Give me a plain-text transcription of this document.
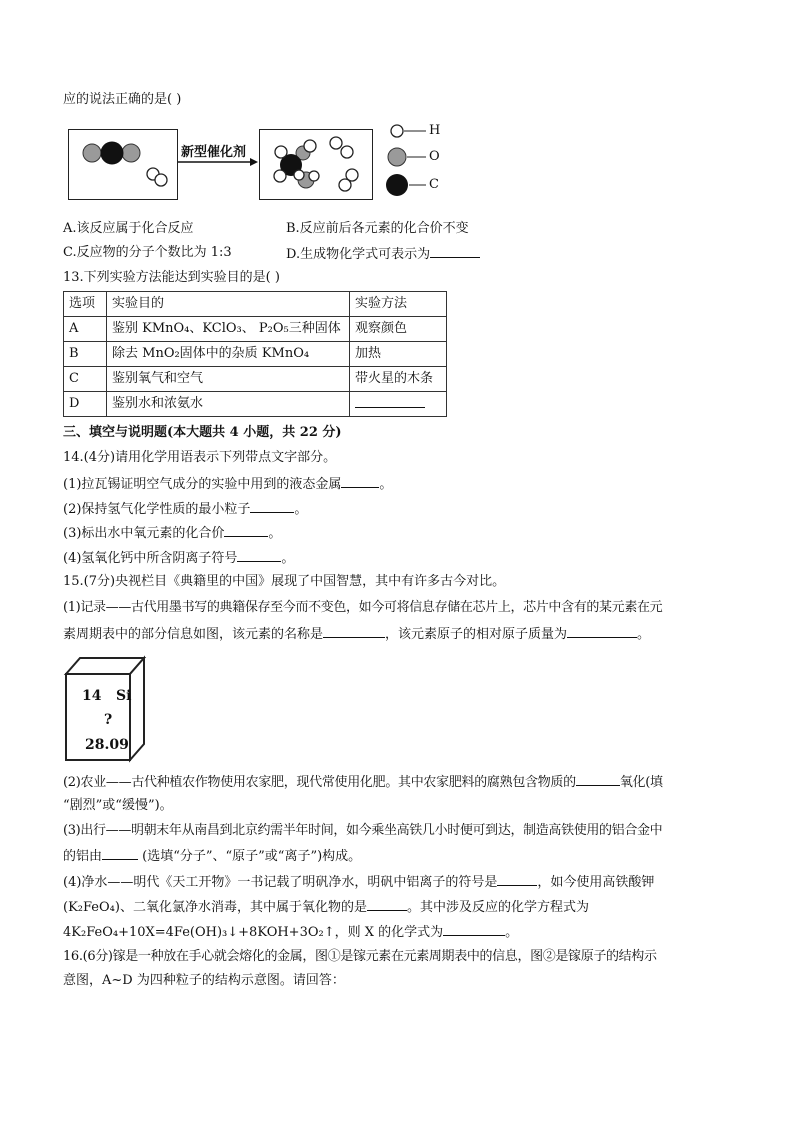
应的说法正确的是( )
新型催化剂
H
O
C
A.该反应属于化合反应	B.反应前后各元素的化合价不变
C.反应物的分子个数比为 1:3	D.生成物化学式可表示为
13.下列实验方法能达到实验目的是( )
选项	实验目的	实验方法
A	鉴别 KMnO₄、KClO₃、 P₂O₅三种固体	观察颜色
B	除去 MnO₂固体中的杂质 KMnO₄	加热
C	鉴别氧气和空气	带火星的木条
D	鉴别水和浓氨水	
三、填空与说明题(本大题共 4 小题，共 22 分)
14.(4分)请用化学用语表示下列带点文字部分。
(1)拉瓦锡证明空气成分的实验中用到的液态金属	。
(2)保持氢气化学性质的最小粒子	。
(3)标出水中氧元素的化合价	。
(4)氢氧化钙中所含阴离子符号	。
15.(7分)央视栏目《典籍里的中国》展现了中国智慧，其中有许多古今对比。
(1)记录——古代用墨书写的典籍保存至今而不变色，如今可将信息存储在芯片上，芯片中含有的某元素在元
素周期表中的部分信息如图，该元素的名称是	，该元素原子的相对原子质量为	。
14 Si
?
28.09
(2)农业——古代种植农作物使用农家肥，现代常使用化肥。其中农家肥料的腐熟包含物质的	氧化(填
“剧烈”或“缓慢”)。
(3)出行——明朝末年从南昌到北京约需半年时间，如今乘坐高铁几小时便可到达，制造高铁使用的铝合金中
的铝由	(选填“分子”、“原子”或“离子”)构成。
(4)净水——明代《天工开物》一书记载了明矾净水，明矾中铝离子的符号是	，如今使用高铁酸钾
(K₂FeO₄)、二氧化氯净水消毒，其中属于氧化物的是	。其中涉及反应的化学方程式为
4K₂FeO₄+10X=4Fe(OH)₃↓+8KOH+3O₂↑，则 X 的化学式为	。
16.(6分)镓是一种放在手心就会熔化的金属，图①是镓元素在元素周期表中的信息，图②是镓原子的结构示
意图，A~D 为四种粒子的结构示意图。请回答：
